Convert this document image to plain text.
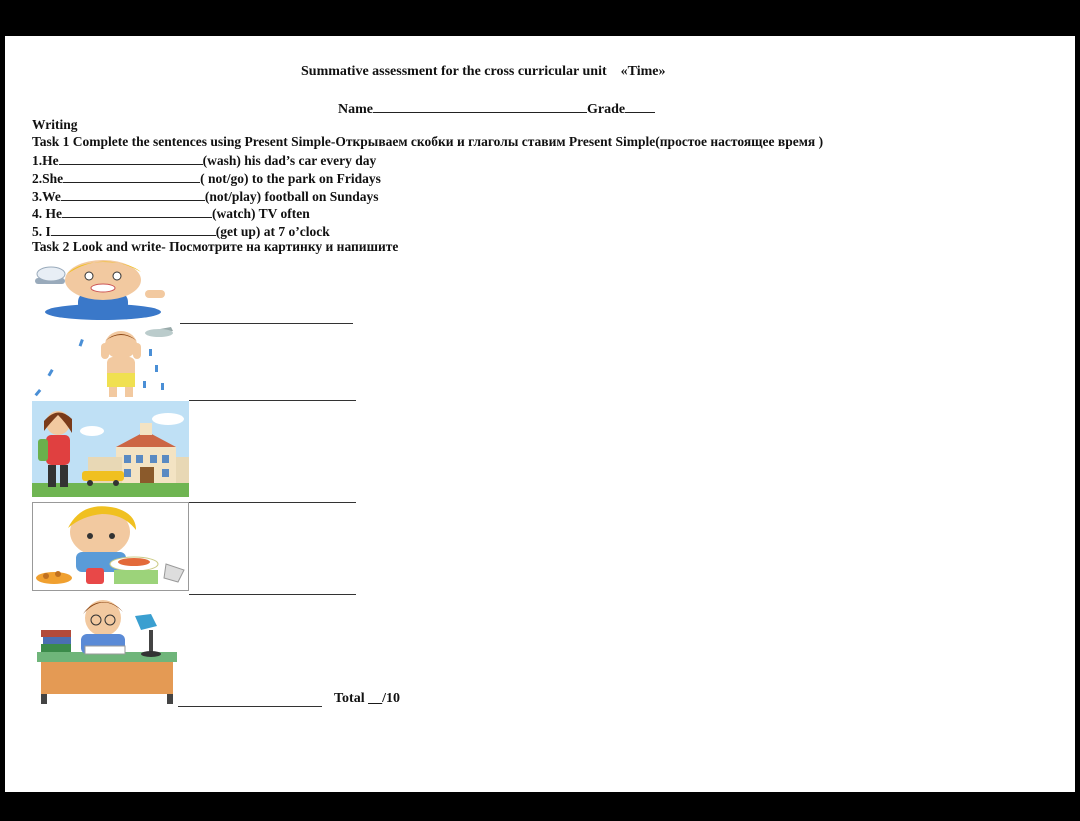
Summative assessment for the cross curricular unit «Time»
Name	Grade
Writing
Task 1 Complete the sentences using Present Simple-Открываем скобки и глаголы ставим Present Simple(простое настоящее время )
1.He	(wash) his dad’s car every day
2.She	( not/go) to the park on Fridays
3.We	(not/play) football on Sundays
4. He	(watch) TV often
5. I	(get up) at 7 o’clock
Task 2 Look and write- Посмотрите на картинку и напишите
Total __/10
